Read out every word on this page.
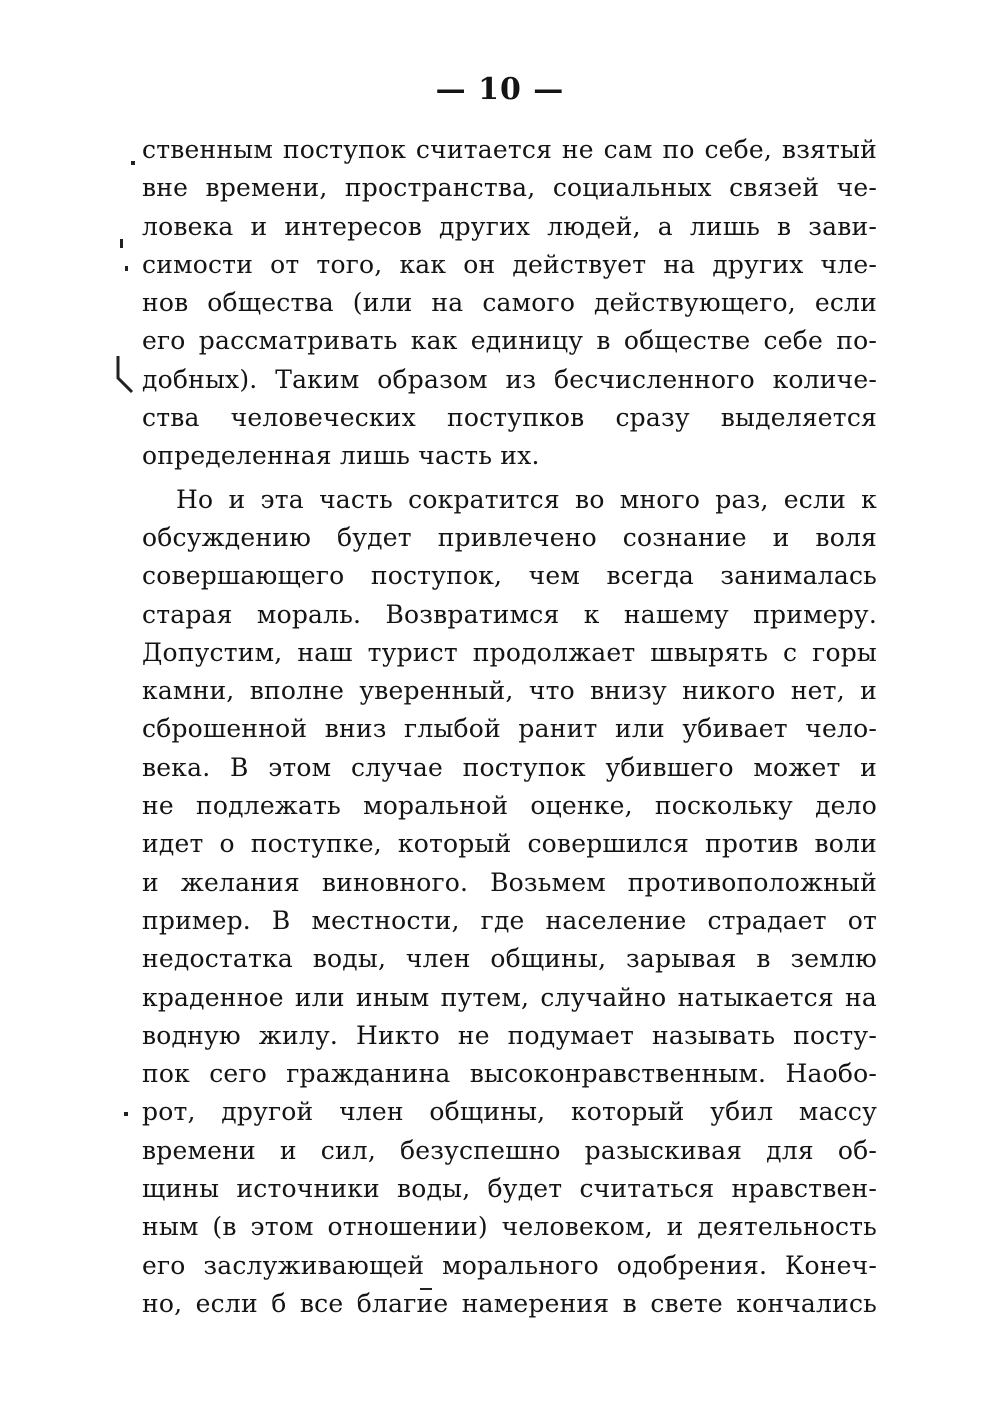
— 10 —
ственным поступок считается не сам по себе, взятый
вне времени, пространства, социальных связей че-
ловека и интересов других людей, а лишь в зави-
симости от того, как он действует на других чле-
нов общества (или на самого действующего, если
его рассматривать как единицу в обществе себе по-
добных). Таким образом из бесчисленного количе-
ства человеческих поступков сразу выделяется
определенная лишь часть их.
Но и эта часть сократится во много раз, если к
обсуждению будет привлечено сознание и воля
совершающего поступок, чем всегда занималась
старая мораль. Возвратимся к нашему примеру.
Допустим, наш турист продолжает швырять с горы
камни, вполне уверенный, что внизу никого нет, и
сброшенной вниз глыбой ранит или убивает чело-
века. В этом случае поступок убившего может и
не подлежать моральной оценке, поскольку дело
идет о поступке, который совершился против воли
и желания виновного. Возьмем противоположный
пример. В местности, где население страдает от
недостатка воды, член общины, зарывая в землю
краденное или иным путем, случайно натыкается на
водную жилу. Никто не подумает называть посту-
пок сего гражданина высоконравственным. Наобо-
рот, другой член общины, который убил массу
времени и сил, безуспешно разыскивая для об-
щины источники воды, будет считаться нравствен-
ным (в этом отношении) человеком, и деятельность
его заслуживающей морального одобрения. Конеч-
но, если б все благие намерения в свете кончались
